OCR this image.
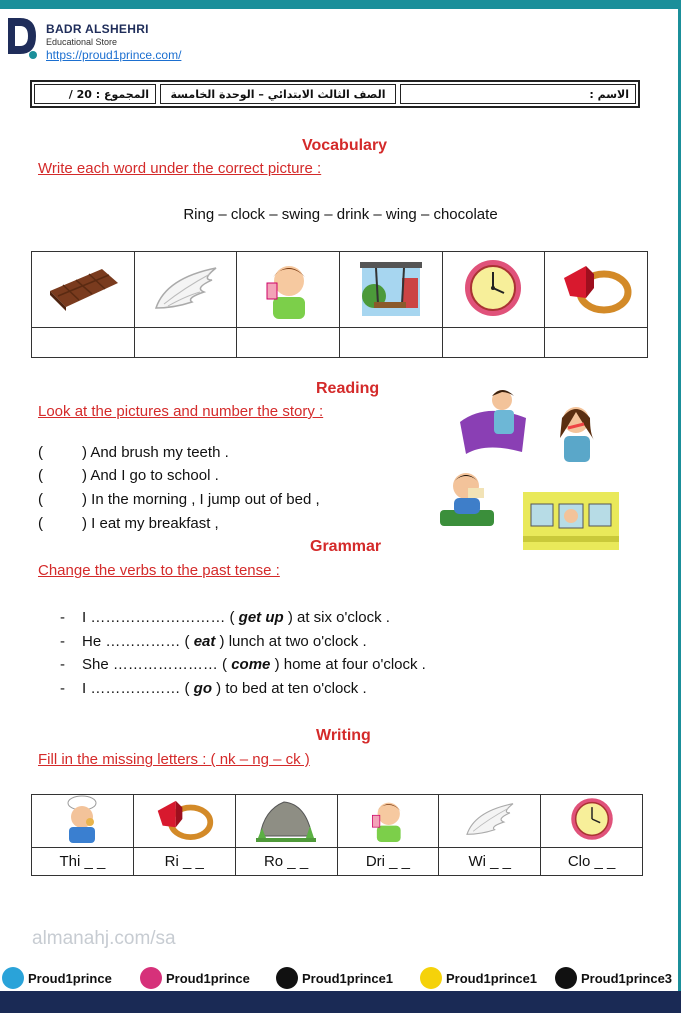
BADR ALSHEHRI
Educational Store
https://proud1prince.com/
الاسم :
الصف الثالث الابتدائي – الوحدة الخامسة
المجموع : 20 /
Vocabulary
Write each word under the correct picture :
Ring – clock – swing – drink – wing – chocolate

Reading
Look at the pictures and number the story :
(	) And brush my teeth .
(	) And I go to school .
(	) In the morning , I jump out of bed ,
(	) I eat my breakfast ,
Grammar
Change the verbs to the past tense :
- I ……………………… ( get up ) at six o'clock .
- He …………… ( eat ) lunch at two o'clock .
- She ………………… ( come ) home at four o'clock .
- I ……………… ( go ) to bed at ten o'clock .
Writing
Fill in the missing letters : ( nk – ng – ck )

Thi _ _	Ri _ _	Ro _ _	Dri _ _	Wi _ _	Clo _ _
almanahj.com/sa
Proud1prince	Proud1prince	Proud1prince1	Proud1prince1	Proud1prince3
